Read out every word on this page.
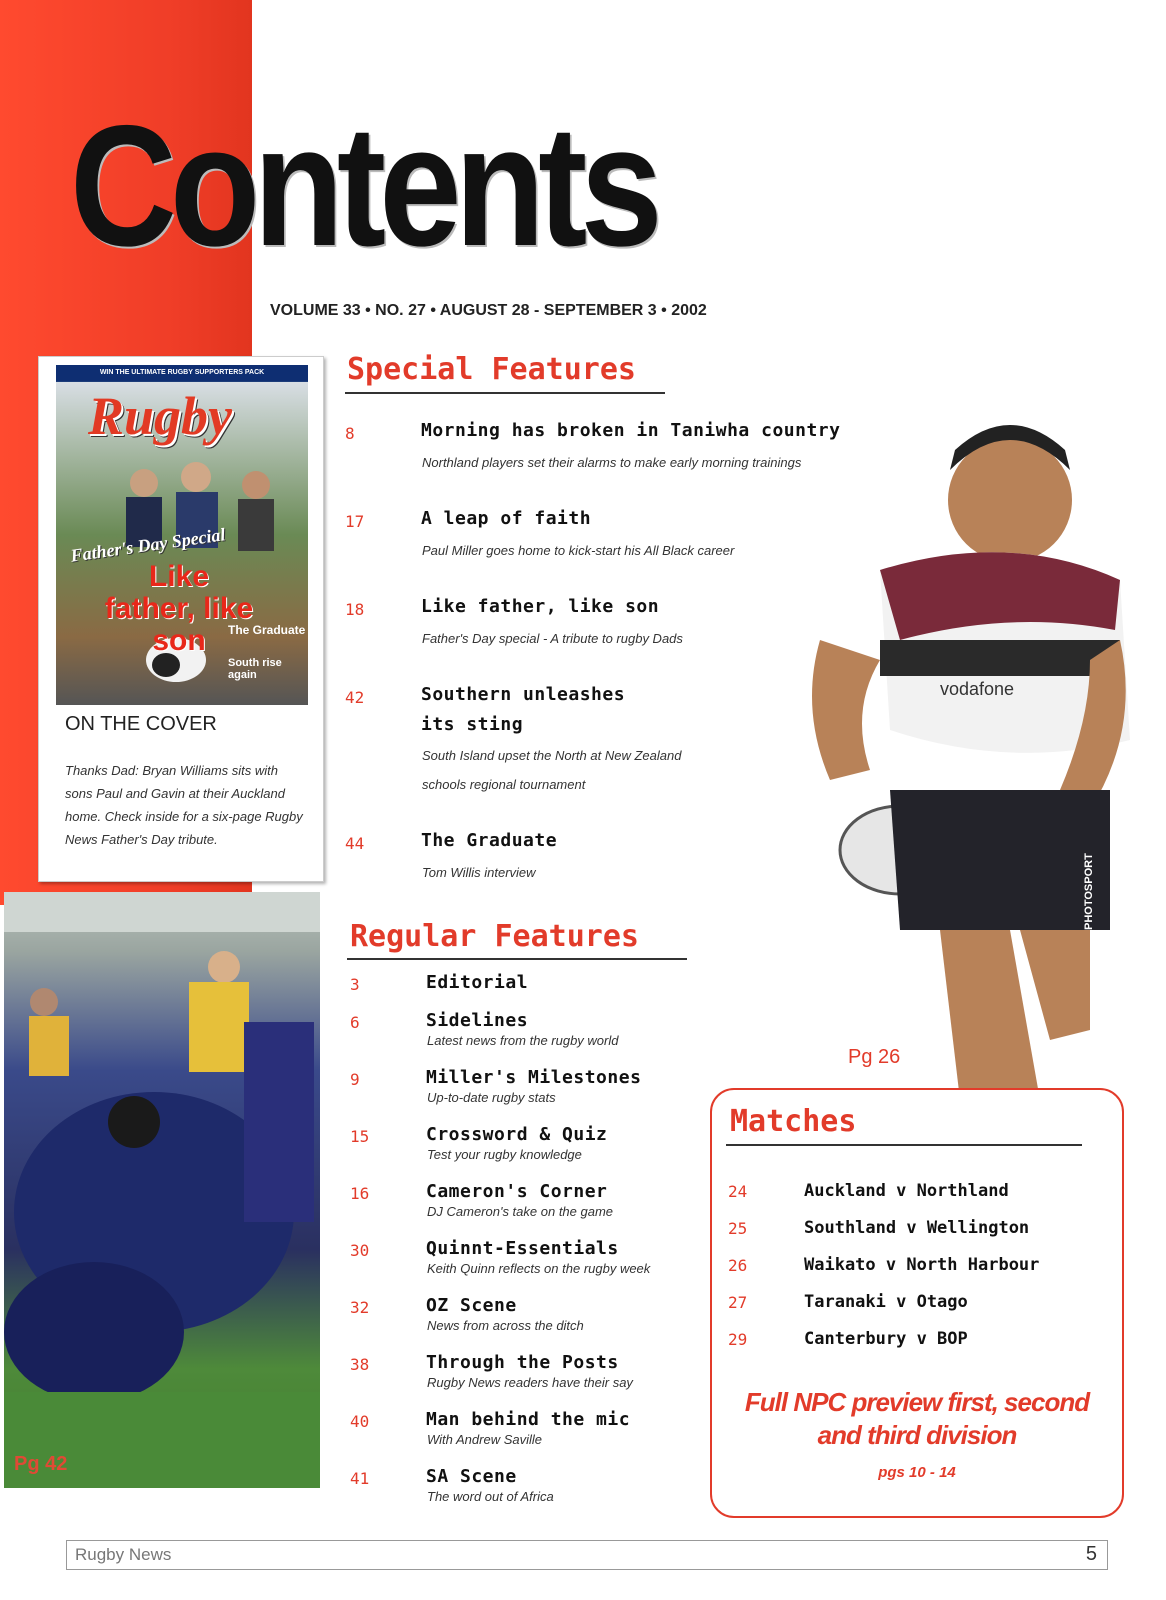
Contents
VOLUME 33 • NO. 27 • AUGUST 28 - SEPTEMBER 3 • 2002
WIN THE ULTIMATE RUGBY SUPPORTERS PACK
Rugby
Father's Day Special
Like father, like son	The Graduate
South rise again
ON THE COVER
Thanks Dad: Bryan Williams sits with sons Paul and Gavin at their Auckland home. Check inside for a six-page Rugby News Father's Day tribute.
Pg 42
Special Features
8	Morning has broken in Taniwha country
Northland players set their alarms to make early morning trainings
17	A leap of faith
Paul Miller goes home to kick-start his All Black career
18	Like father, like son
Father's Day special - A tribute to rugby Dads
42	Southern unleashes
its sting
South Island upset the North at New Zealand
schools regional tournament
44	The Graduate
Tom Willis interview
Regular Features
3	Editorial
6	Sidelines
Latest news from the rugby world
9	Miller's Milestones
Up-to-date rugby stats
15	Crossword & Quiz
Test your rugby knowledge
16	Cameron's Corner
DJ Cameron's take on the game
30	Quinnt-Essentials
Keith Quinn reflects on the rugby week
32	OZ Scene
News from across the ditch
38	Through the Posts
Rugby News readers have their say
40	Man behind the mic
With Andrew Saville
41	SA Scene
The word out of Africa
vodafone
PHOTOSPORT
Pg 26
Matches
24	Auckland v Northland
25	Southland v Wellington
26	Waikato v North Harbour
27	Taranaki v Otago
29	Canterbury v BOP
Full NPC preview first, second and third division
pgs 10 - 14
Rugby News	5
